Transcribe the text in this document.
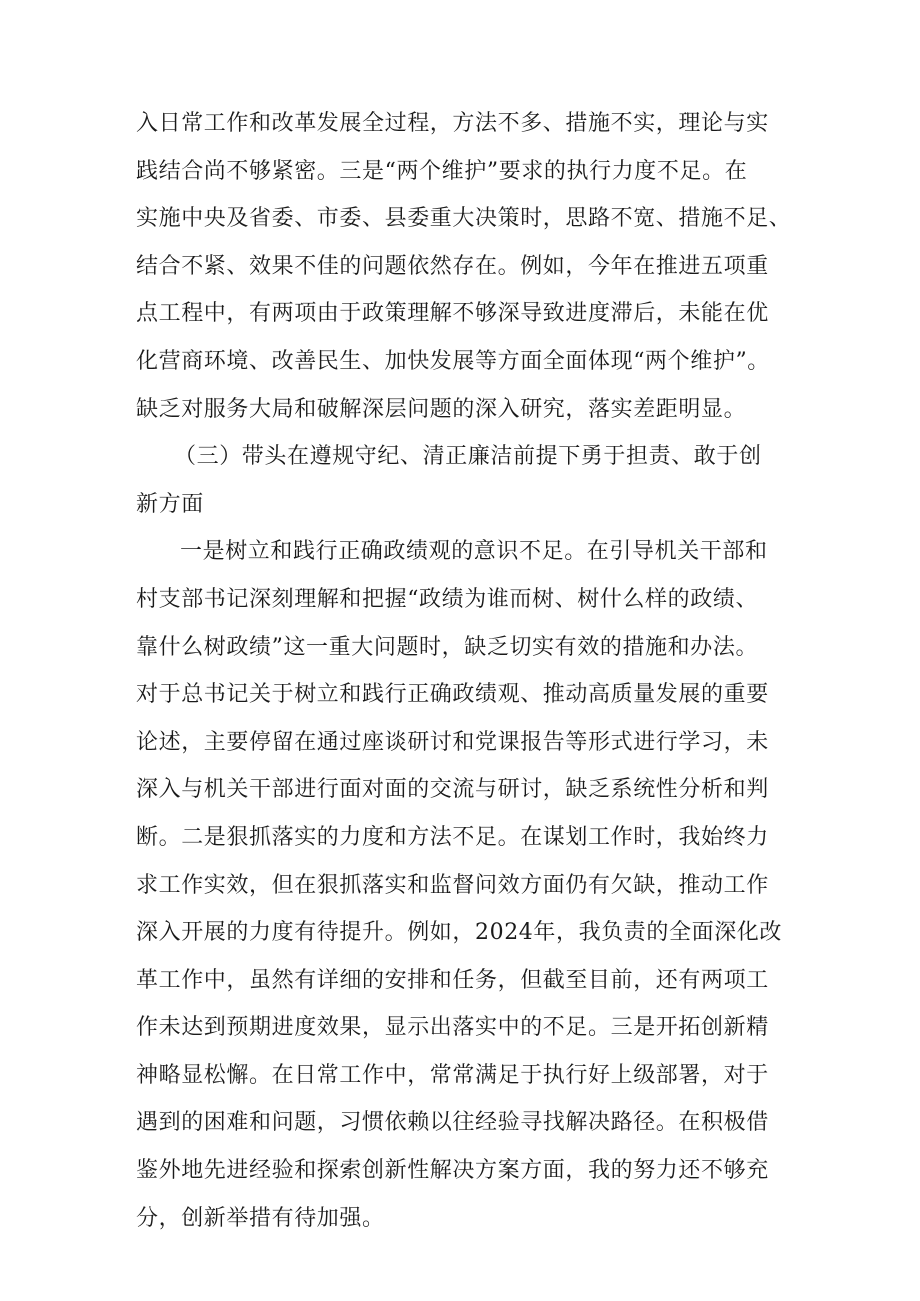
入日常工作和改革发展全过程，方法不多、措施不实，理论与实
践结合尚不够紧密。三是“两个维护”要求的执行力度不足。在
实施中央及省委、市委、县委重大决策时，思路不宽、措施不足、
结合不紧、效果不佳的问题依然存在。例如，今年在推进五项重
点工程中，有两项由于政策理解不够深导致进度滞后，未能在优
化营商环境、改善民生、加快发展等方面全面体现“两个维护”。
缺乏对服务大局和破解深层问题的深入研究，落实差距明显。
（三）带头在遵规守纪、清正廉洁前提下勇于担责、敢于创
新方面
一是树立和践行正确政绩观的意识不足。在引导机关干部和
村支部书记深刻理解和把握“政绩为谁而树、树什么样的政绩、
靠什么树政绩”这一重大问题时，缺乏切实有效的措施和办法。
对于总书记关于树立和践行正确政绩观、推动高质量发展的重要
论述，主要停留在通过座谈研讨和党课报告等形式进行学习，未
深入与机关干部进行面对面的交流与研讨，缺乏系统性分析和判
断。二是狠抓落实的力度和方法不足。在谋划工作时，我始终力
求工作实效，但在狠抓落实和监督问效方面仍有欠缺，推动工作
深入开展的力度有待提升。例如，2024年，我负责的全面深化改
革工作中，虽然有详细的安排和任务，但截至目前，还有两项工
作未达到预期进度效果，显示出落实中的不足。三是开拓创新精
神略显松懈。在日常工作中，常常满足于执行好上级部署，对于
遇到的困难和问题，习惯依赖以往经验寻找解决路径。在积极借
鉴外地先进经验和探索创新性解决方案方面，我的努力还不够充
分，创新举措有待加强。
